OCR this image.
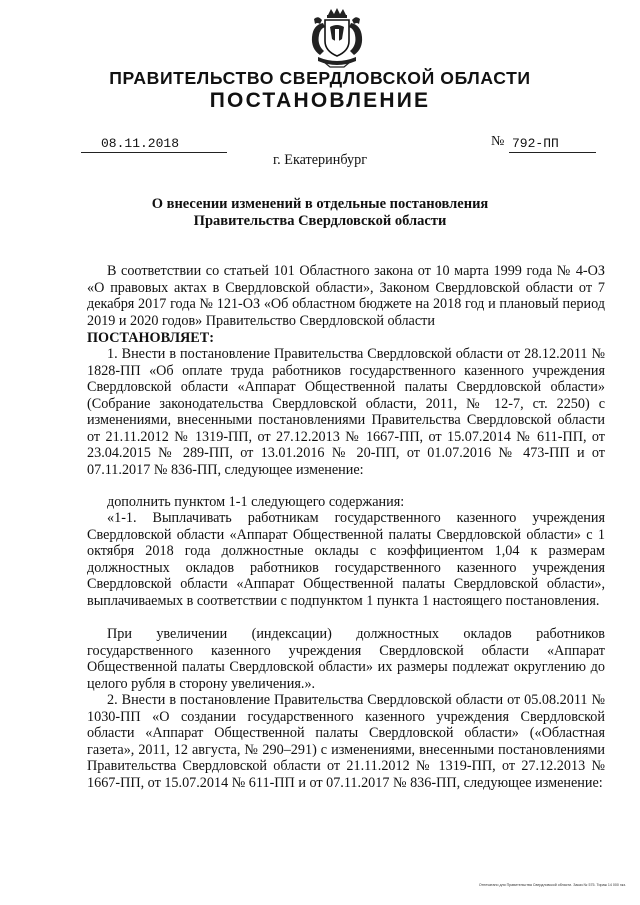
ПРАВИТЕЛЬСТВО СВЕРДЛОВСКОЙ ОБЛАСТИ
ПОСТАНОВЛЕНИЕ
08.11.2018	№ 792-ПП
г. Екатеринбург
О внесении изменений в отдельные постановления
Правительства Свердловской области
В соответствии со статьей 101 Областного закона от 10 марта 1999 года № 4-ОЗ «О правовых актах в Свердловской области», Законом Свердловской области от 7 декабря 2017 года № 121-ОЗ «Об областном бюджете на 2018 год и плановый период 2019 и 2020 годов» Правительство Свердловской области
ПОСТАНОВЛЯЕТ:
1. Внести в постановление Правительства Свердловской области от 28.12.2011 № 1828-ПП «Об оплате труда работников государственного казенного учреждения Свердловской области «Аппарат Общественной палаты Свердловской области» (Собрание законодательства Свердловской области, 2011, № 12-7, ст. 2250) с изменениями, внесенными постановлениями Правительства Свердловской области от 21.11.2012 № 1319-ПП, от 27.12.2013 № 1667-ПП, от 15.07.2014 № 611-ПП, от 23.04.2015 № 289-ПП, от 13.01.2016 № 20-ПП, от 01.07.2016 № 473-ПП и от 07.11.2017 № 836-ПП, следующее изменение:
дополнить пунктом 1-1 следующего содержания:
«1-1. Выплачивать работникам государственного казенного учреждения Свердловской области «Аппарат Общественной палаты Свердловской области» с 1 октября 2018 года должностные оклады с коэффициентом 1,04 к размерам должностных окладов работников государственного казенного учреждения Свердловской области «Аппарат Общественной палаты Свердловской области», выплачиваемых в соответствии с подпунктом 1 пункта 1 настоящего постановления.
При увеличении (индексации) должностных окладов работников государственного казенного учреждения Свердловской области «Аппарат Общественной палаты Свердловской области» их размеры подлежат округлению до целого рубля в сторону увеличения.».
2. Внести в постановление Правительства Свердловской области от 05.08.2011 № 1030-ПП «О создании государственного казенного учреждения Свердловской области «Аппарат Общественной палаты Свердловской области» («Областная газета», 2011, 12 августа, № 290–291) с изменениями, внесенными постановлениями Правительства Свердловской области от 21.11.2012 № 1319-ПП, от 27.12.2013 № 1667-ПП, от 15.07.2014 № 611-ПП и от 07.11.2017 № 836-ПП, следующее изменение:
Отпечатано для Правительства Свердловской области. Заказ № 575. Тираж 14 000 экз.
